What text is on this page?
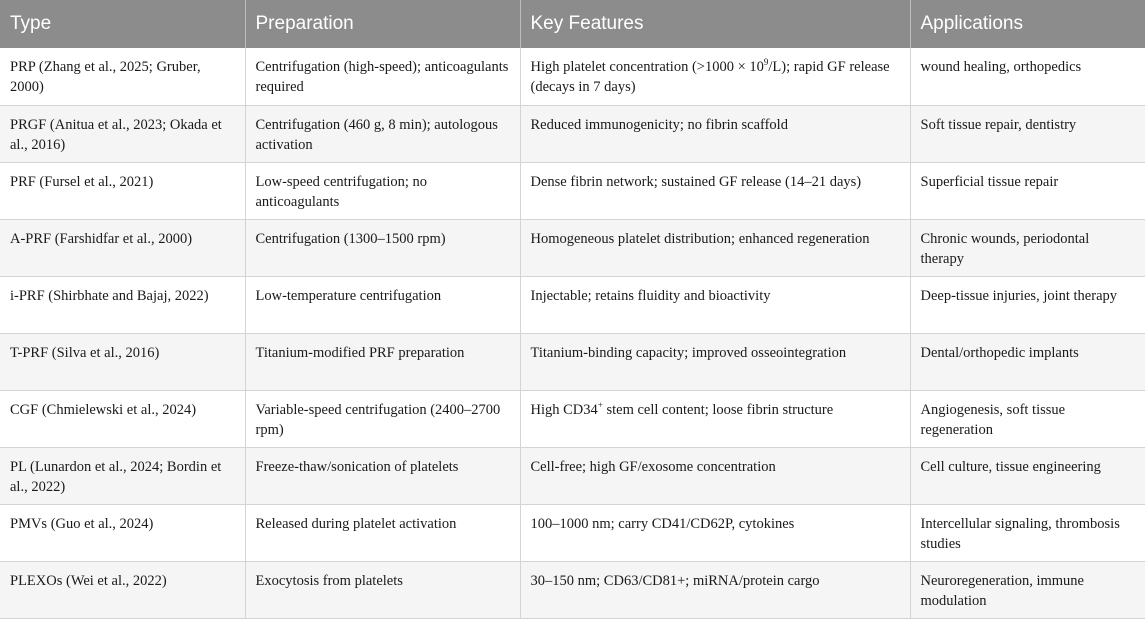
Type	Preparation	Key Features	Applications
PRP (Zhang et al., 2025; Gruber, 2000)	Centrifugation (high-speed); anticoagulants required	High platelet concentration $(>1000 \times 10^9/L)$; rapid GF release (decays in 7 days)	wound healing, orthopedics
PRGF (Anitua et al., 2023; Okada et al., 2016)	Centrifugation (460 g, 8 min); autologous activation	Reduced immunogenicity; no fibrin scaffold	Soft tissue repair, dentistry
PRF (Fursel et al., 2021)	Low-speed centrifugation; no anticoagulants	Dense fibrin network; sustained GF release (14–21 days)	Superficial tissue repair
A-PRF (Farshidfar et al., 2000)	Centrifugation (1300–1500 rpm)	Homogeneous platelet distribution; enhanced regeneration	Chronic wounds, periodontal therapy
i-PRF (Shirbhate and Bajaj, 2022)	Low-temperature centrifugation	Injectable; retains fluidity and bioactivity	Deep-tissue injuries, joint therapy
T-PRF (Silva et al., 2016)	Titanium-modified PRF preparation	Titanium-binding capacity; improved osseointegration	Dental/orthopedic implants
CGF (Chmielewski et al., 2024)	Variable-speed centrifugation (2400–2700 rpm)	High CD34+ stem cell content; loose fibrin structure	Angiogenesis, soft tissue regeneration
PL (Lunardon et al., 2024; Bordin et al., 2022)	Freeze-thaw/sonication of platelets	Cell-free; high GF/exosome concentration	Cell culture, tissue engineering
PMVs (Guo et al., 2024)	Released during platelet activation	100–1000 nm; carry CD41/CD62P, cytokines	Intercellular signaling, thrombosis studies
PLEXOs (Wei et al., 2022)	Exocytosis from platelets	30–150 nm; CD63/CD81+; miRNA/protein cargo	Neuroregeneration, immune modulation
